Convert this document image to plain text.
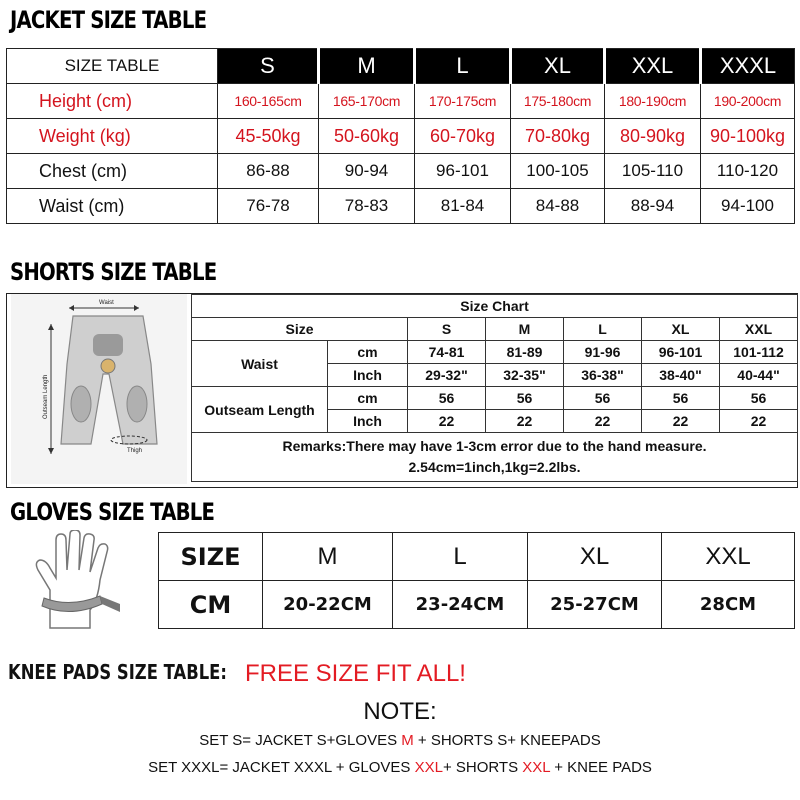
JACKET SIZE TABLE
SIZE TABLE	S	M	L	XL	XXL	XXXL
Height (cm)	160-165cm	165-170cm	170-175cm	175-180cm	180-190cm	190-200cm
Weight (kg)	45-50kg	50-60kg	60-70kg	70-80kg	80-90kg	90-100kg
Chest (cm)	86-88	90-94	96-101	100-105	105-110	110-120
Waist (cm)	76-78	78-83	81-84	84-88	88-94	94-100
SHORTS SIZE TABLE
Waist
Outseam Length
Thigh
Size Chart						
Size		S	M	L	XL	XXL
Waist	cm	74-81	81-89	91-96	96-101	101-112
	Inch	29-32"	32-35"	36-38"	38-40"	40-44"
Outseam Length	cm	56	56	56	56	56
	Inch	22	22	22	22	22

Remarks:There may have 1-3cm error due to the hand measure.
2.54cm=1inch,1kg=2.2lbs.						
GLOVES SIZE TABLE
SIZE	M	L	XL	XXL
CM	20-22CM	23-24CM	25-27CM	28CM
KNEE PADS SIZE TABLE: FREE SIZE FIT ALL!
NOTE:
SET S= JACKET S+GLOVES M + SHORTS S+ KNEEPADS
SET XXXL= JACKET XXXL + GLOVES XXL+ SHORTS XXL + KNEE PADS
